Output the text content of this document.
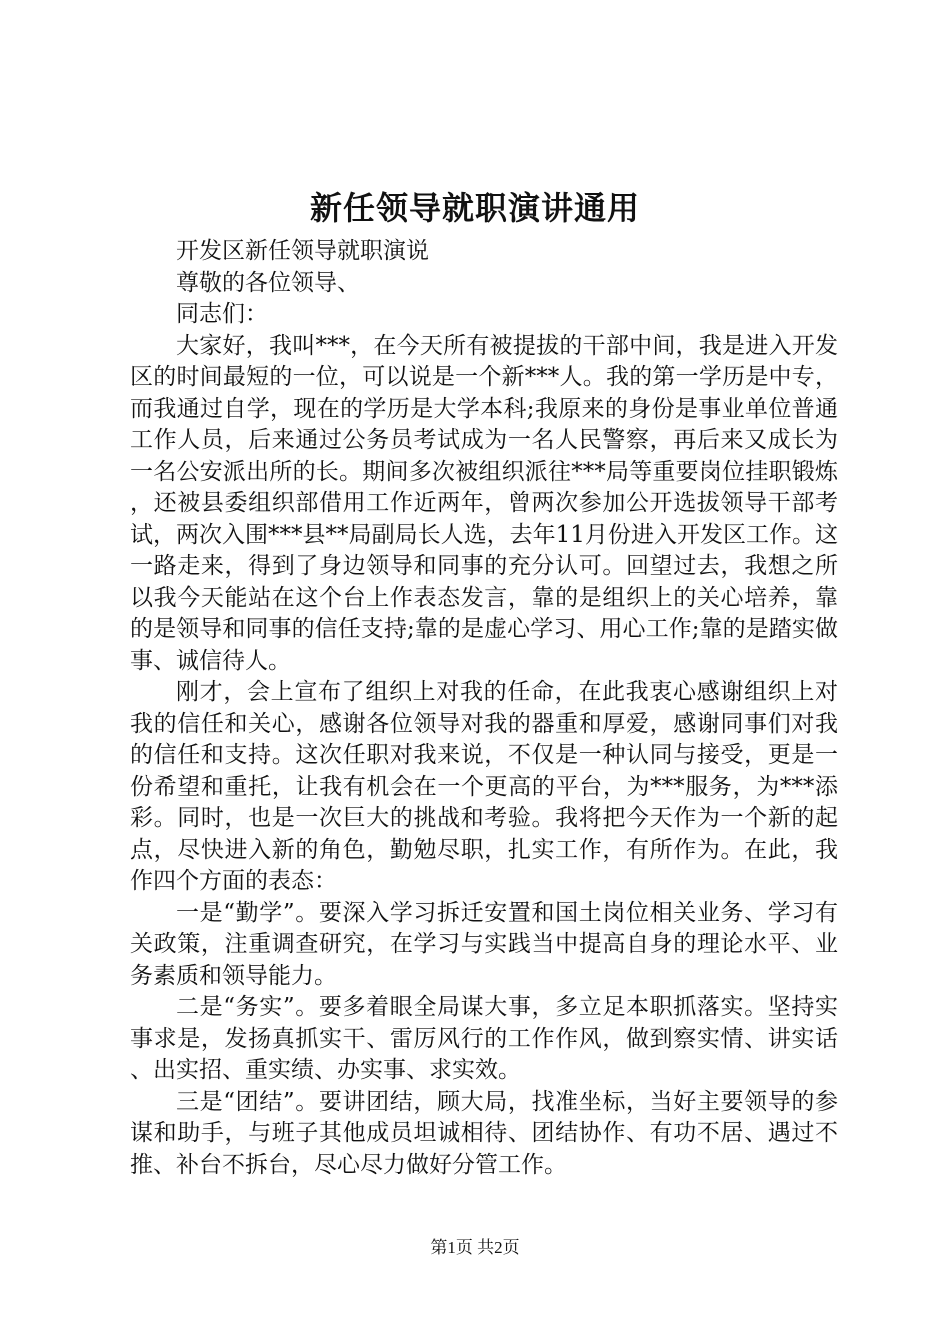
新任领导就职演讲通用

开发区新任领导就职演说

尊敬的各位领导、

同志们：

大家好，我叫***，在今天所有被提拔的干部中间，我是进入开发区的时间最短的一位，可以说是一个新***人。我的第一学历是中专，而我通过自学，现在的学历是大学本科;我原来的身份是事业单位普通工作人员，后来通过公务员考试成为一名人民警察，再后来又成长为一名公安派出所的长。期间多次被组织派往***局等重要岗位挂职锻炼，还被县委组织部借用工作近两年，曾两次参加公开选拔领导干部考试，两次入围***县**局副局长人选，去年11月份进入开发区工作。这一路走来，得到了身边领导和同事的充分认可。回望过去，我想之所以我今天能站在这个台上作表态发言，靠的是组织上的关心培养，靠的是领导和同事的信任支持;靠的是虚心学习、用心工作;靠的是踏实做事、诚信待人。

刚才，会上宣布了组织上对我的任命，在此我衷心感谢组织上对我的信任和关心，感谢各位领导对我的器重和厚爱，感谢同事们对我的信任和支持。这次任职对我来说，不仅是一种认同与接受，更是一份希望和重托，让我有机会在一个更高的平台，为***服务，为***添彩。同时，也是一次巨大的挑战和考验。我将把今天作为一个新的起点，尽快进入新的角色，勤勉尽职，扎实工作，有所作为。在此，我作四个方面的表态：

一是“勤学”。要深入学习拆迁安置和国土岗位相关业务、学习有关政策，注重调查研究，在学习与实践当中提高自身的理论水平、业务素质和领导能力。

二是“务实”。要多着眼全局谋大事，多立足本职抓落实。坚持实事求是，发扬真抓实干、雷厉风行的工作作风，做到察实情、讲实话、出实招、重实绩、办实事、求实效。

三是“团结”。要讲团结，顾大局，找准坐标，当好主要领导的参谋和助手，与班子其他成员坦诚相待、团结协作、有功不居、遇过不推、补台不拆台，尽心尽力做好分管工作。

第1页 共2页
